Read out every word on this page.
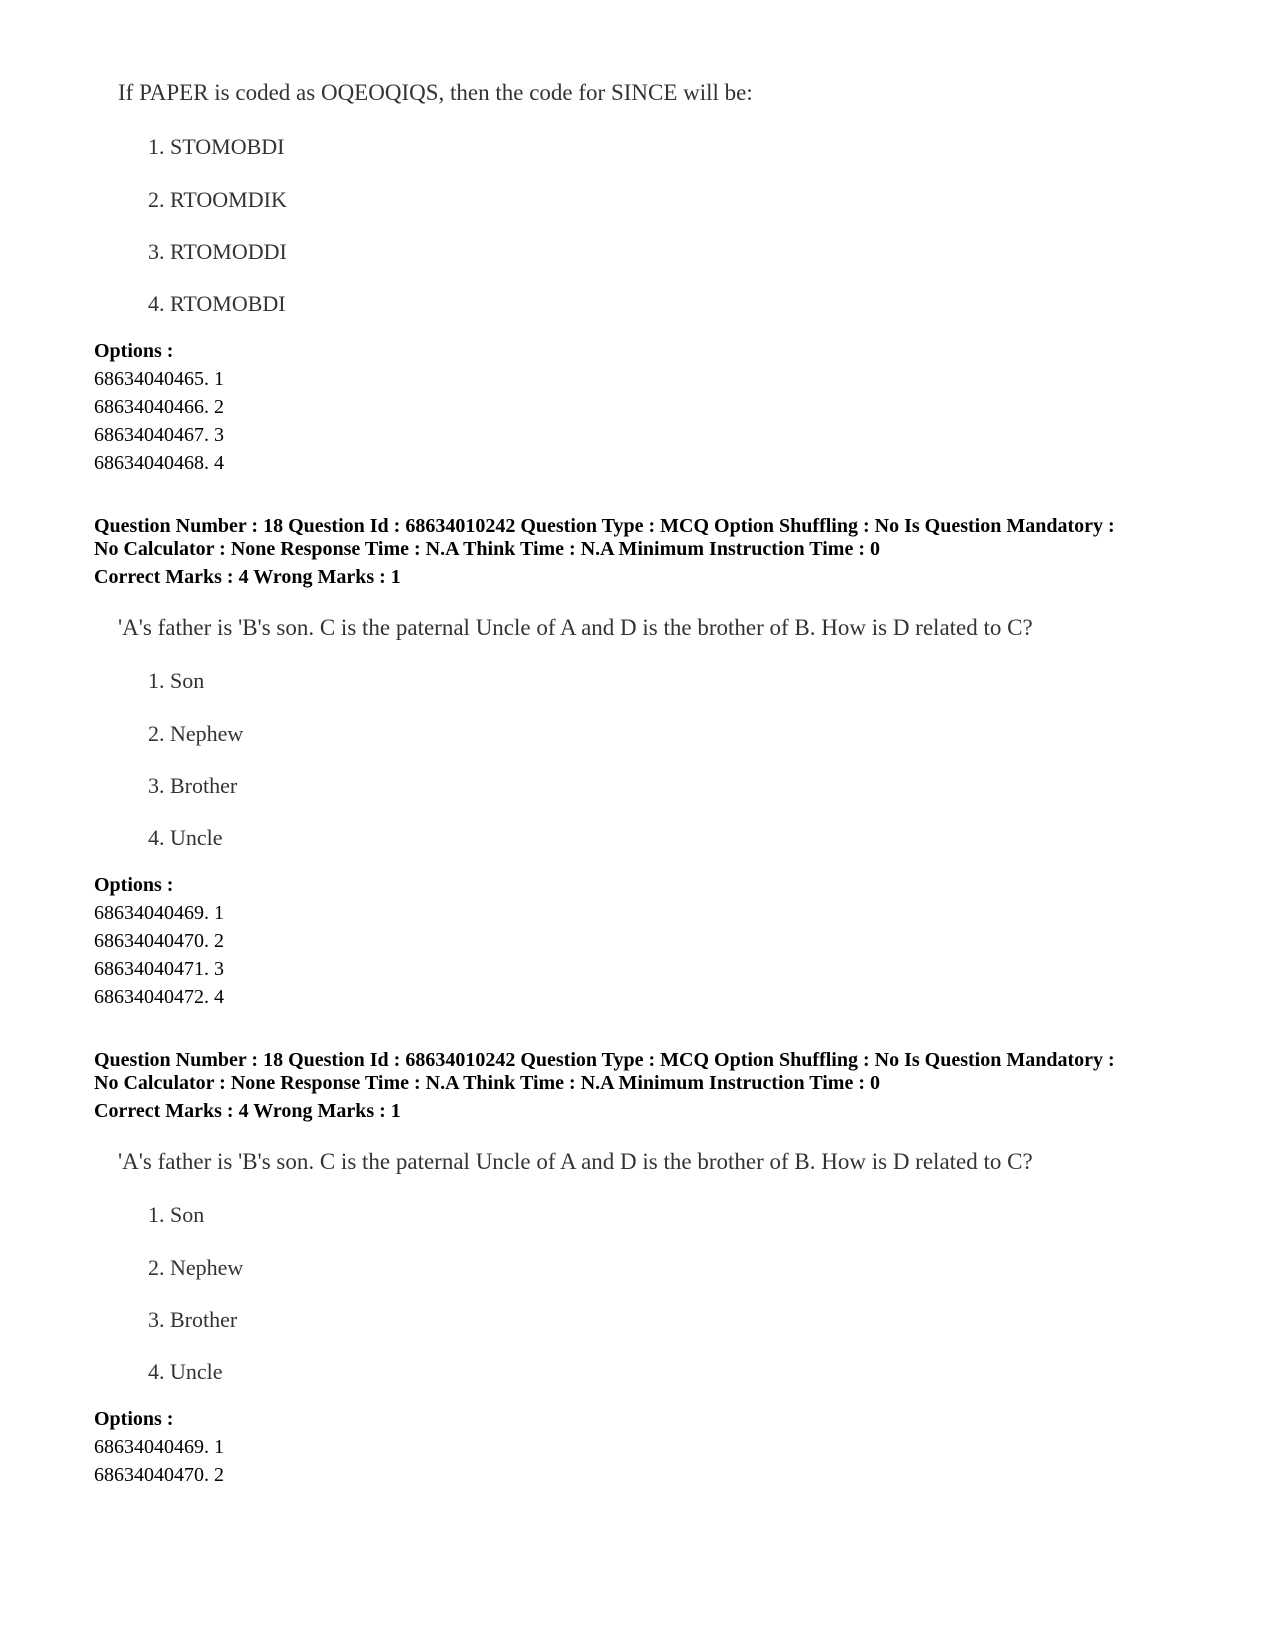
If PAPER is coded as OQEOQIQS, then the code for SINCE will be:
1. STOMOBDI
2. RTOOMDIK
3. RTOMODDI
4. RTOMOBDI
Options :
68634040465. 1
68634040466. 2
68634040467. 3
68634040468. 4
Question Number : 18 Question Id : 68634010242 Question Type : MCQ Option Shuffling : No Is Question Mandatory :
No Calculator : None Response Time : N.A Think Time : N.A Minimum Instruction Time : 0
Correct Marks : 4 Wrong Marks : 1
'A's father is 'B's son. C is the paternal Uncle of A and D is the brother of B. How is D related to C?
1. Son
2. Nephew
3. Brother
4. Uncle
Options :
68634040469. 1
68634040470. 2
68634040471. 3
68634040472. 4
Question Number : 18 Question Id : 68634010242 Question Type : MCQ Option Shuffling : No Is Question Mandatory :
No Calculator : None Response Time : N.A Think Time : N.A Minimum Instruction Time : 0
Correct Marks : 4 Wrong Marks : 1
'A's father is 'B's son. C is the paternal Uncle of A and D is the brother of B. How is D related to C?
1. Son
2. Nephew
3. Brother
4. Uncle
Options :
68634040469. 1
68634040470. 2
